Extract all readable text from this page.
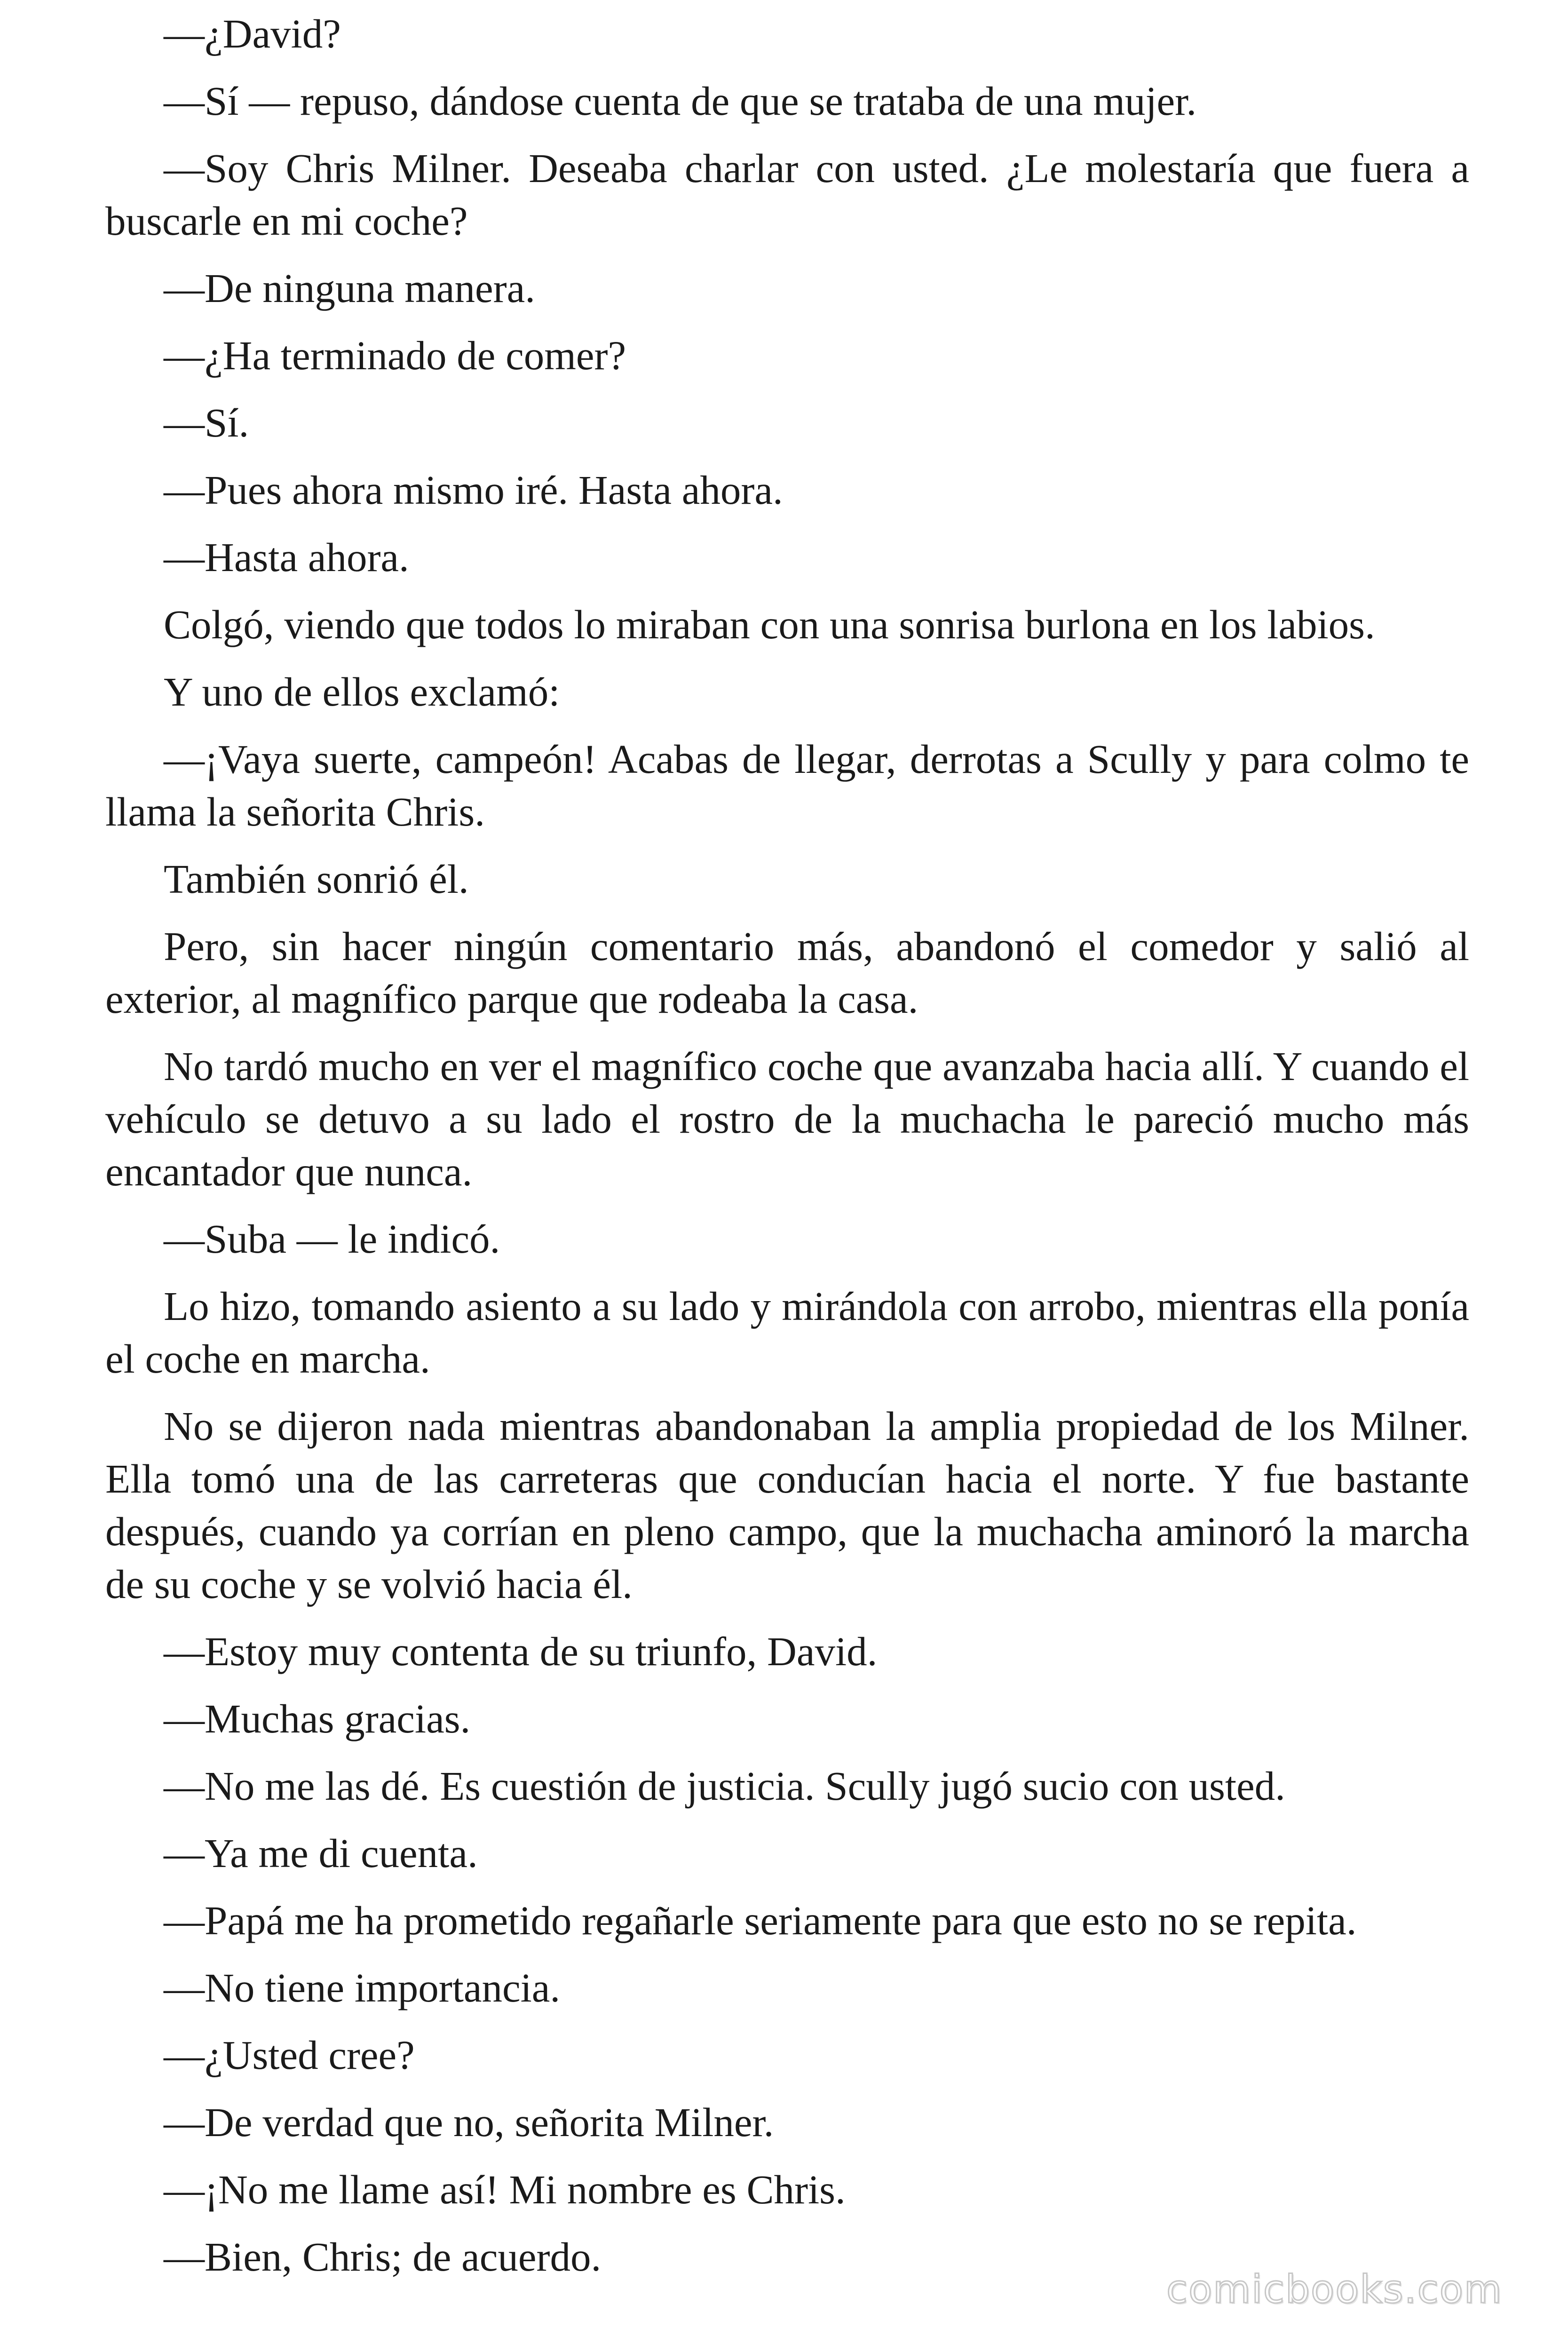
—¿David?

—Sí — repuso, dándose cuenta de que se trataba de una mujer.

—Soy Chris Milner. Deseaba charlar con usted. ¿Le molestaría que fuera a buscarle en mi coche?

—De ninguna manera.

—¿Ha terminado de comer?

—Sí.

—Pues ahora mismo iré. Hasta ahora.

—Hasta ahora.

Colgó, viendo que todos lo miraban con una sonrisa burlona en los labios.

Y uno de ellos exclamó:

—¡Vaya suerte, campeón! Acabas de llegar, derrotas a Scully y para colmo te llama la señorita Chris.

También sonrió él.

Pero, sin hacer ningún comentario más, abandonó el comedor y salió al exterior, al magnífico parque que rodeaba la casa.

No tardó mucho en ver el magnífico coche que avanzaba hacia allí. Y cuando el vehículo se detuvo a su lado el rostro de la muchacha le pareció mucho más encantador que nunca.

—Suba — le indicó.

Lo hizo, tomando asiento a su lado y mirándola con arrobo, mientras ella ponía el coche en marcha.

No se dijeron nada mientras abandonaban la amplia propiedad de los Milner. Ella tomó una de las carreteras que conducían hacia el norte. Y fue bastante después, cuando ya corrían en pleno campo, que la muchacha aminoró la marcha de su coche y se volvió hacia él.

—Estoy muy contenta de su triunfo, David.

—Muchas gracias.

—No me las dé. Es cuestión de justicia. Scully jugó sucio con usted.

—Ya me di cuenta.

—Papá me ha prometido regañarle seriamente para que esto no se repita.

—No tiene importancia.

—¿Usted cree?

—De verdad que no, señorita Milner.

—¡No me llame así! Mi nombre es Chris.

—Bien, Chris; de acuerdo.

comicbooks.com
